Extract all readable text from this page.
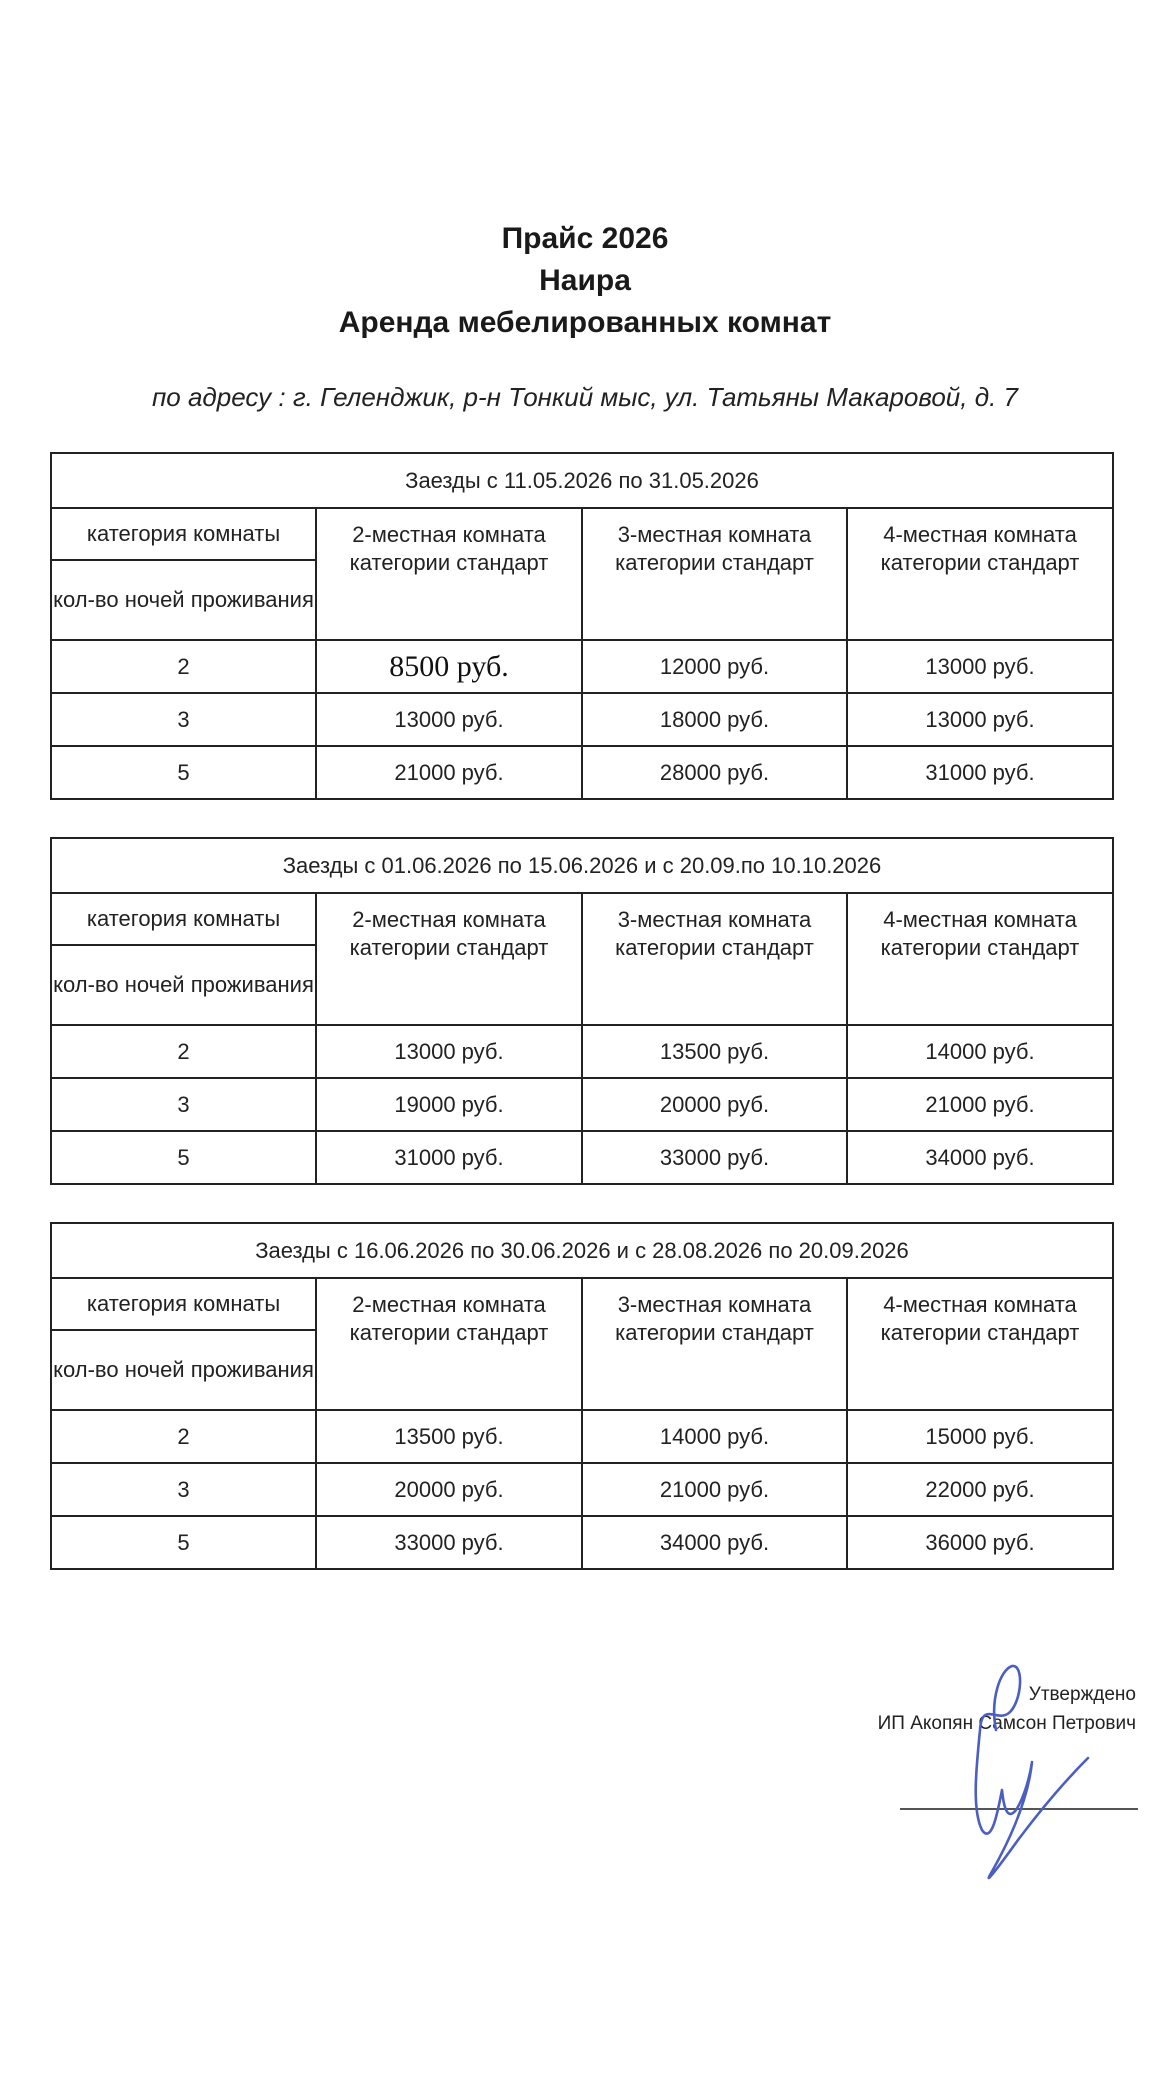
Прайс 2026
Наира
Аренда мебелированных комнат
по адресу : г. Геленджик, р-н Тонкий мыс, ул. Татьяны Макаровой, д. 7
Заезды с 11.05.2026 по 31.05.2026			
категория комнаты	2-местная комната категории стандарт	3-местная комната категории стандарт	4-местная комната категории стандарт
кол-во ночей проживания			
2	8500 руб.	12000 руб.	13000 руб.
3	13000 руб.	18000 руб.	13000 руб.
5	21000 руб.	28000 руб.	31000 руб.
Заезды с 01.06.2026 по 15.06.2026 и с 20.09.по 10.10.2026			
категория комнаты	2-местная комната категории стандарт	3-местная комната категории стандарт	4-местная комната категории стандарт
кол-во ночей проживания			
2	13000 руб.	13500 руб.	14000 руб.
3	19000 руб.	20000 руб.	21000 руб.
5	31000 руб.	33000 руб.	34000 руб.
Заезды с 16.06.2026 по 30.06.2026 и с 28.08.2026 по 20.09.2026			
категория комнаты	2-местная комната категории стандарт	3-местная комната категории стандарт	4-местная комната категории стандарт
кол-во ночей проживания			
2	13500 руб.	14000 руб.	15000 руб.
3	20000 руб.	21000 руб.	22000 руб.
5	33000 руб.	34000 руб.	36000 руб.
Утверждено
ИП Акопян Самсон Петрович
